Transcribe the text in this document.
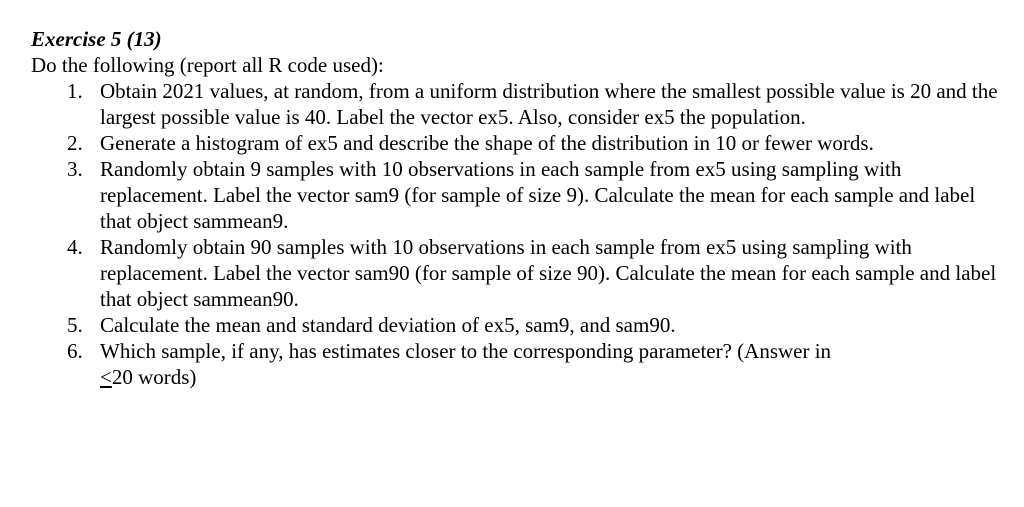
Exercise 5 (13)

Do the following (report all R code used):

1. Obtain 2021 values, at random, from a uniform distribution where the smallest possible value is 20 and the largest possible value is 40. Label the vector ex5. Also, consider ex5 the population.
2. Generate a histogram of ex5 and describe the shape of the distribution in 10 or fewer words.
3. Randomly obtain 9 samples with 10 observations in each sample from ex5 using sampling with replacement. Label the vector sam9 (for sample of size 9). Calculate the mean for each sample and label that object sammean9.
4. Randomly obtain 90 samples with 10 observations in each sample from ex5 using sampling with replacement. Label the vector sam90 (for sample of size 90). Calculate the mean for each sample and label that object sammean90.
5. Calculate the mean and standard deviation of ex5, sam9, and sam90.
6. Which sample, if any, has estimates closer to the corresponding parameter? (Answer in
≤20 words)
